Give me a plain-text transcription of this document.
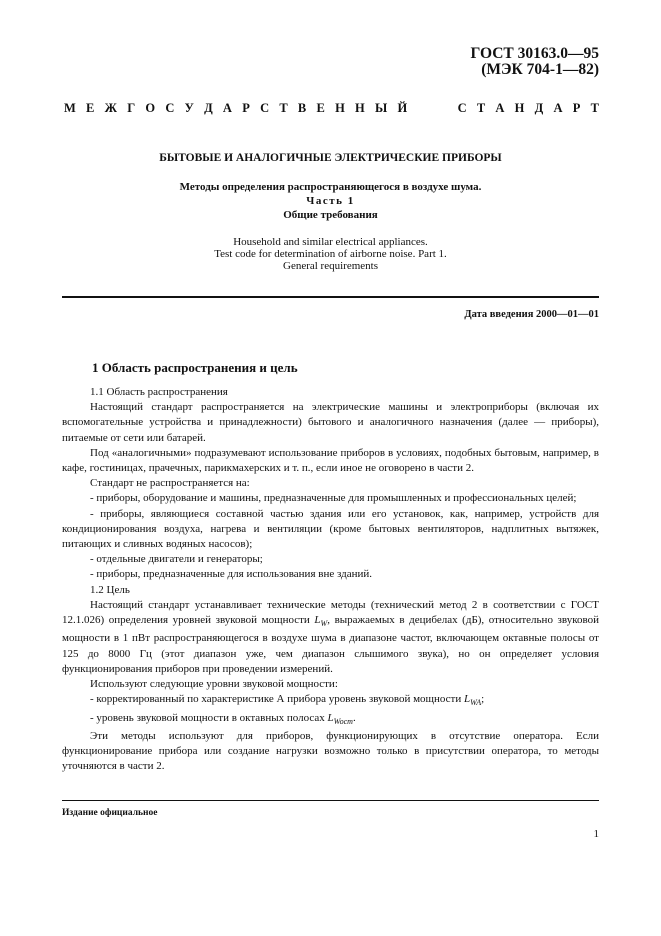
ГОСТ 30163.0—95
(МЭК 704-1—82)
М Е Ж Г О С У Д А Р С Т В Е Н Н Ы Й

	С Т А Н Д А Р Т
БЫТОВЫЕ И АНАЛОГИЧНЫЕ ЭЛЕКТРИЧЕСКИЕ ПРИБОРЫ
Методы определения распространяющегося в воздухе шума.
Часть 1
Общие требования
Household and similar electrical appliances.
Test code for determination of airborne noise. Part 1.
General requirements
Дата введения 2000—01—01
1 Область распространения и цель

1.1 Область распространения

Настоящий стандарт распространяется на электрические машины и электроприборы (включая их вспомогательные устройства и принадлежности) бытового и аналогичного назначения (далее — приборы), питаемые от сети или батарей.

Под «аналогичными» подразумевают использование приборов в условиях, подобных бытовым, например, в кафе, гостиницах, прачечных, парикмахерских и т. п., если иное не оговорено в части 2.

Стандарт не распространяется на:

- приборы, оборудование и машины, предназначенные для промышленных и профессиональных целей;

- приборы, являющиеся составной частью здания или его установок, как, например, устройств для кондиционирования воздуха, нагрева и вентиляции (кроме бытовых вентиляторов, надплитных вытяжек, питающих и сливных водяных насосов);

- отдельные двигатели и генераторы;

- приборы, предназначенные для использования вне зданий.

1.2 Цель

Настоящий стандарт устанавливает технические методы (технический метод 2 в соответствии с ГОСТ 12.1.026) определения уровней звуковой мощности $L_W$, выражаемых в децибелах (дБ), относительно звуковой мощности в 1 пВт распространяющегося в воздухе шума в диапазоне частот, включающем октавные полосы от 125 до 8000 Гц (этот диапазон уже, чем диапазон слышимого звука), но он определяет условия функционирования приборов при проведении измерений.

Используют следующие уровни звуковой мощности:

- корректированный по характеристике А прибора уровень звуковой мощности $L_{WA}$;

- уровень звуковой мощности в октавных полосах $L_{Wocт}$.

Эти методы используют для приборов, функционирующих в отсутствие оператора. Если функционирование прибора или создание нагрузки возможно только в присутствии оператора, то методы уточняются в части 2.

Издание официальное
1
